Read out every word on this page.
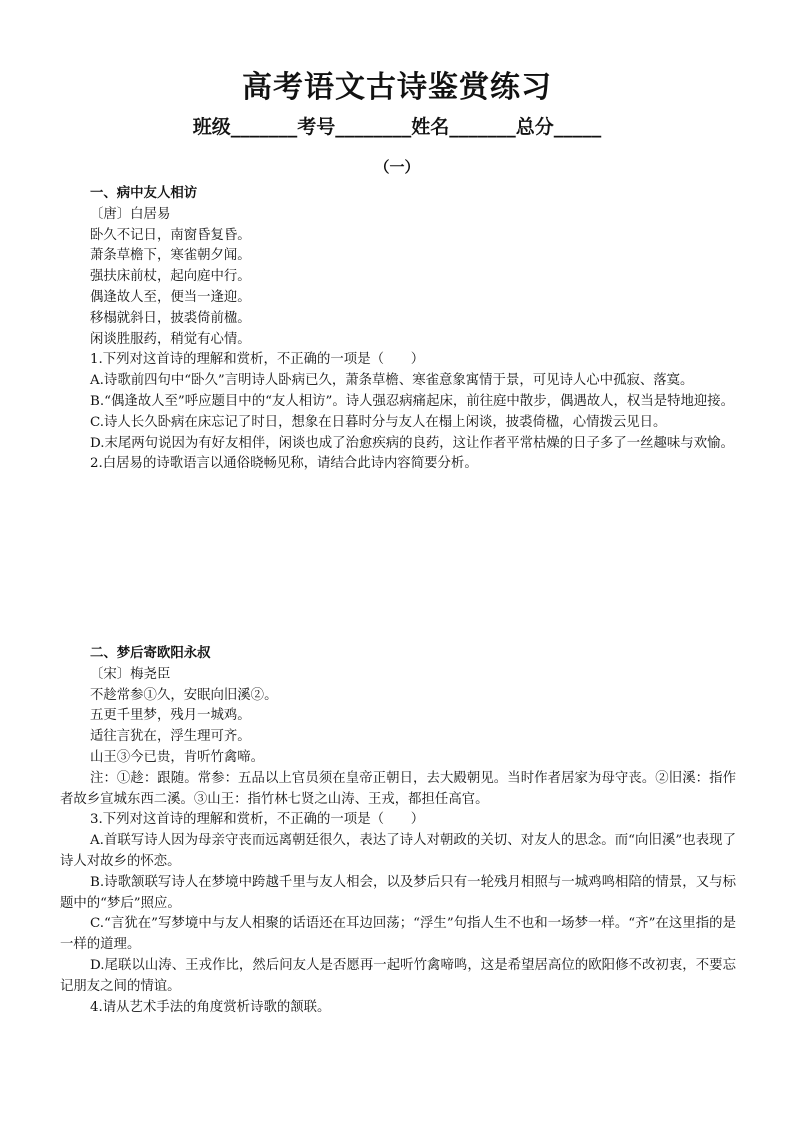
高考语文古诗鉴赏练习
班级_______考号________姓名_______总分_____
（一）
一、病中友人相访
〔唐〕白居易
卧久不记日，南窗昏复昏。
萧条草檐下，寒雀朝夕闻。
强扶床前杖，起向庭中行。
偶逢故人至，便当一逢迎。
移榻就斜日，披裘倚前楹。
闲谈胜服药，稍觉有心情。
1.下列对这首诗的理解和赏析，不正确的一项是（　　）
A.诗歌前四句中“卧久”言明诗人卧病已久，萧条草檐、寒雀意象寓情于景，可见诗人心中孤寂、落寞。
B.“偶逢故人至”呼应题目中的“友人相访”。诗人强忍病痛起床，前往庭中散步，偶遇故人，权当是特地迎接。
C.诗人长久卧病在床忘记了时日，想象在日暮时分与友人在榻上闲谈，披裘倚楹，心情拨云见日。
D.末尾两句说因为有好友相伴，闲谈也成了治愈疾病的良药，这让作者平常枯燥的日子多了一丝趣味与欢愉。
2.白居易的诗歌语言以通俗晓畅见称，请结合此诗内容简要分析。
二、梦后寄欧阳永叔
〔宋〕梅尧臣
不趁常参①久，安眠向旧溪②。
五更千里梦，残月一城鸡。
适往言犹在，浮生理可齐。
山王③今已贵，肯听竹禽啼。
注：①趁：跟随。常参：五品以上官员须在皇帝正朝日，去大殿朝见。当时作者居家为母守丧。②旧溪：指作者故乡宣城东西二溪。③山王：指竹林七贤之山涛、王戎，都担任高官。
3.下列对这首诗的理解和赏析，不正确的一项是（　　）
A.首联写诗人因为母亲守丧而远离朝廷很久，表达了诗人对朝政的关切、对友人的思念。而“向旧溪”也表现了诗人对故乡的怀恋。
B.诗歌颔联写诗人在梦境中跨越千里与友人相会，以及梦后只有一轮残月相照与一城鸡鸣相陪的情景，又与标题中的“梦后”照应。
C.“言犹在”写梦境中与友人相聚的话语还在耳边回荡；“浮生”句指人生不也和一场梦一样。“齐”在这里指的是一样的道理。
D.尾联以山涛、王戎作比，然后问友人是否愿再一起听竹禽啼鸣，这是希望居高位的欧阳修不改初衷，不要忘记朋友之间的情谊。
4.请从艺术手法的角度赏析诗歌的颔联。
